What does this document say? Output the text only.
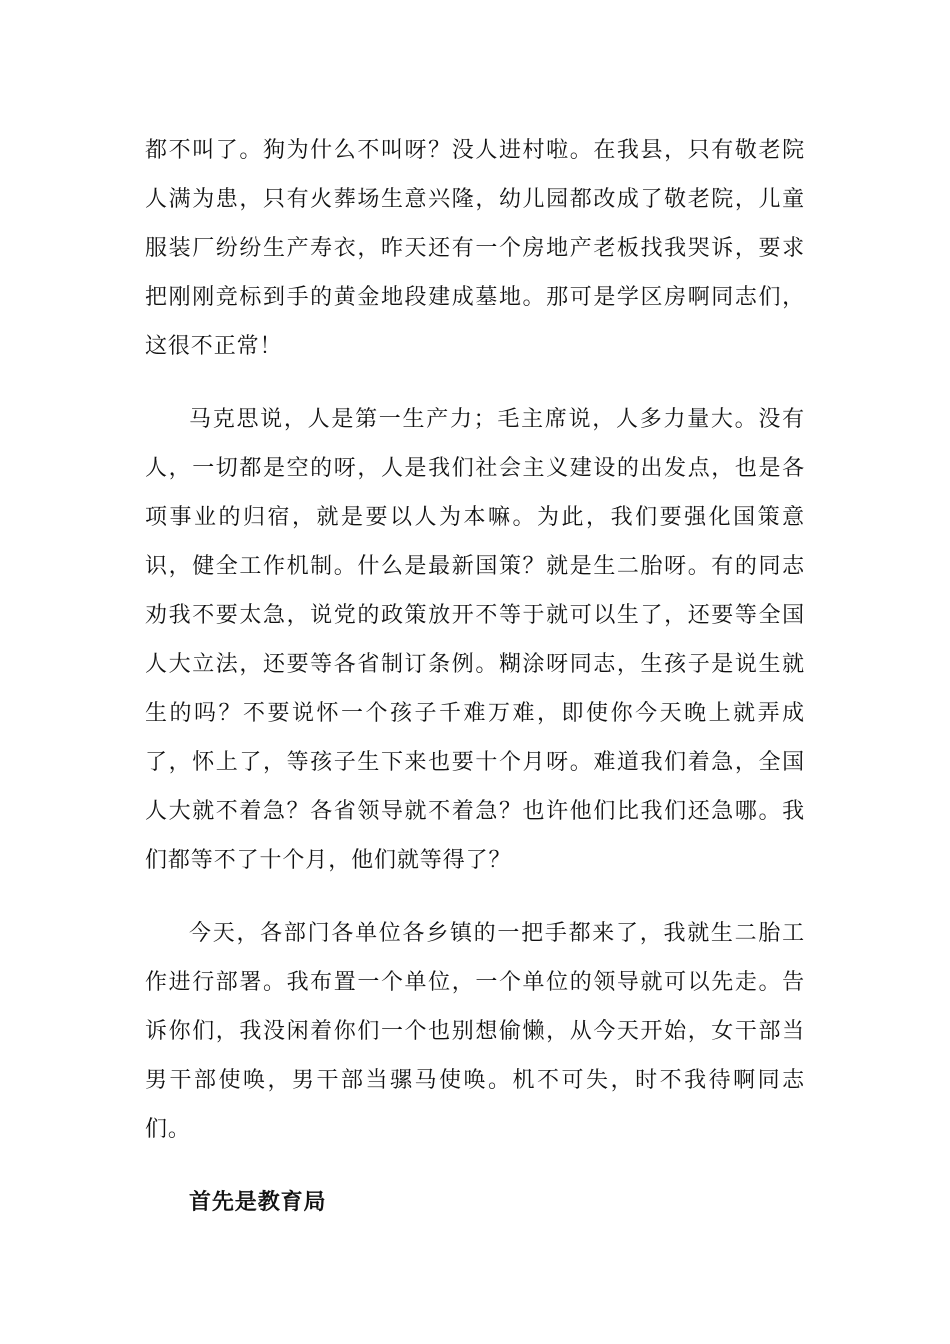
都不叫了。狗为什么不叫呀？没人进村啦。在我县，只有敬老院人满为患，只有火葬场生意兴隆，幼儿园都改成了敬老院，儿童服装厂纷纷生产寿衣，昨天还有一个房地产老板找我哭诉，要求把刚刚竞标到手的黄金地段建成墓地。那可是学区房啊同志们，这很不正常！

马克思说，人是第一生产力；毛主席说，人多力量大。没有人，一切都是空的呀，人是我们社会主义建设的出发点，也是各项事业的归宿，就是要以人为本嘛。为此，我们要强化国策意识，健全工作机制。什么是最新国策？就是生二胎呀。有的同志劝我不要太急，说党的政策放开不等于就可以生了，还要等全国人大立法，还要等各省制订条例。糊涂呀同志，生孩子是说生就生的吗？不要说怀一个孩子千难万难，即使你今天晚上就弄成了，怀上了，等孩子生下来也要十个月呀。难道我们着急，全国人大就不着急？各省领导就不着急？也许他们比我们还急哪。我们都等不了十个月，他们就等得了？

今天，各部门各单位各乡镇的一把手都来了，我就生二胎工作进行部署。我布置一个单位，一个单位的领导就可以先走。告诉你们，我没闲着你们一个也别想偷懒，从今天开始，女干部当男干部使唤，男干部当骡马使唤。机不可失，时不我待啊同志们。

首先是教育局
